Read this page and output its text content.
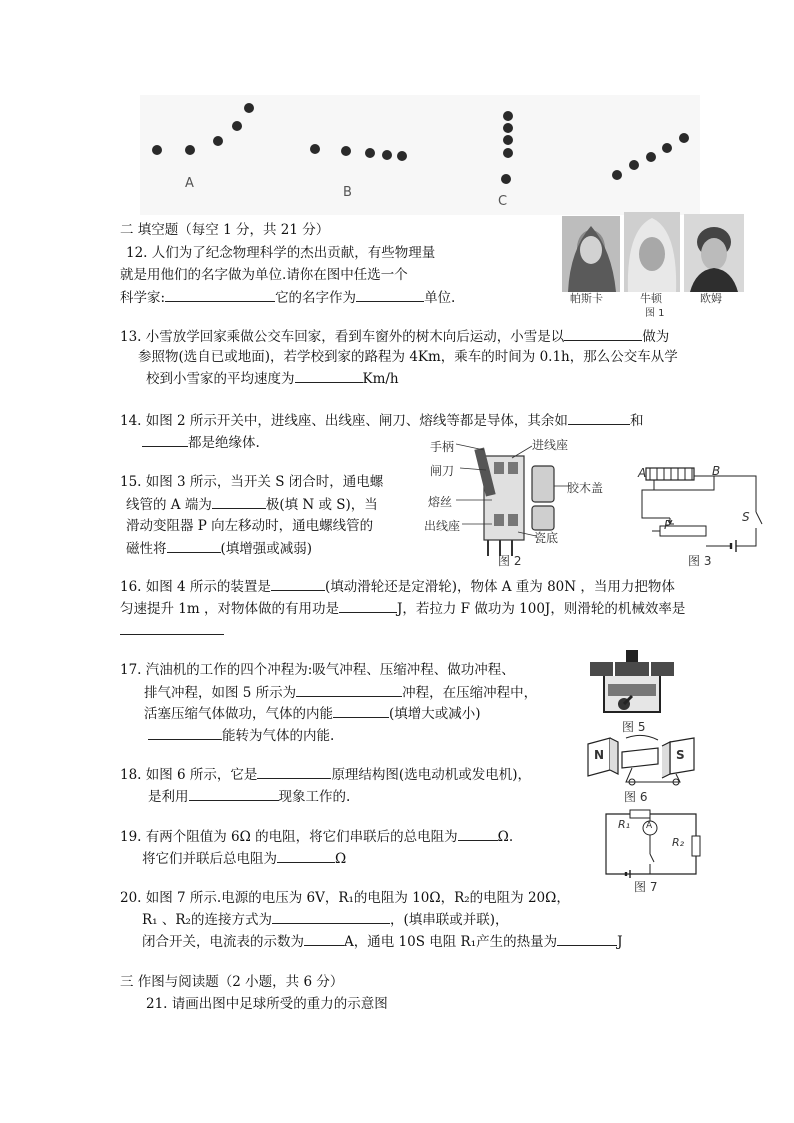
A
B
C
二 填空题（每空 1 分，共 21 分）
12. 人们为了纪念物理科学的杰出贡献，有些物理量
就是用他们的名字做为单位.请你在图中任选一个
科学家:	它的名字作为	单位.	帕斯卡	牛顿	欧姆
图 1
13. 小雪放学回家乘做公交车回家，看到车窗外的树木向后运动，小雪是以	做为
参照物(选自已或地面)，若学校到家的路程为 4Km，乘车的时间为 0.1h，那么公交车从学
校到小雪家的平均速度为	Km/h
14. 如图 2 所示开关中，进线座、出线座、闸刀、熔线等都是导体，其余如	和
都是绝缘体.
15. 如图 3 所示，当开关 S 闭合时，通电螺
线管的 A 端为	极(填 N 或 S)，当
滑动变阻器 P 向左移动时，通电螺线管的
磁性将	(填增强或减弱)
手柄	进线座
闸刀
熔丝
胶木盖
出线座
瓷底
图 2
A	B
P
S
图 3
16. 如图 4 所示的装置是	(填动滑轮还是定滑轮)，物体 A 重为 80N ，当用力把物体
匀速提升 1m ，对物体做的有用功是	J，若拉力 F 做功为 100J，则滑轮的机械效率是
17. 汽油机的工作的四个冲程为:吸气冲程、压缩冲程、做功冲程、
排气冲程，如图 5 所示为	冲程，在压缩冲程中，
活塞压缩气体做功，气体的内能	(填增大或减小)
能转为气体的内能.
图 5
18. 如图 6 所示，它是	原理结构图(选电动机或发电机)，
是利用	现象工作的.
N	S
图 6
19. 有两个阻值为 6Ω 的电阻，将它们串联后的总电阻为	Ω.
将它们并联后总电阻为	Ω
R₁ A
R₂
图 7
20. 如图 7 所示.电源的电压为 6V，R₁的电阻为 10Ω，R₂的电阻为 20Ω，
R₁ 、R₂的连接方式为	，(填串联或并联)，
闭合开关，电流表的示数为	A，通电 10S 电阻 R₁产生的热量为	J
三 作图与阅读题（2 小题，共 6 分）
21. 请画出图中足球所受的重力的示意图
